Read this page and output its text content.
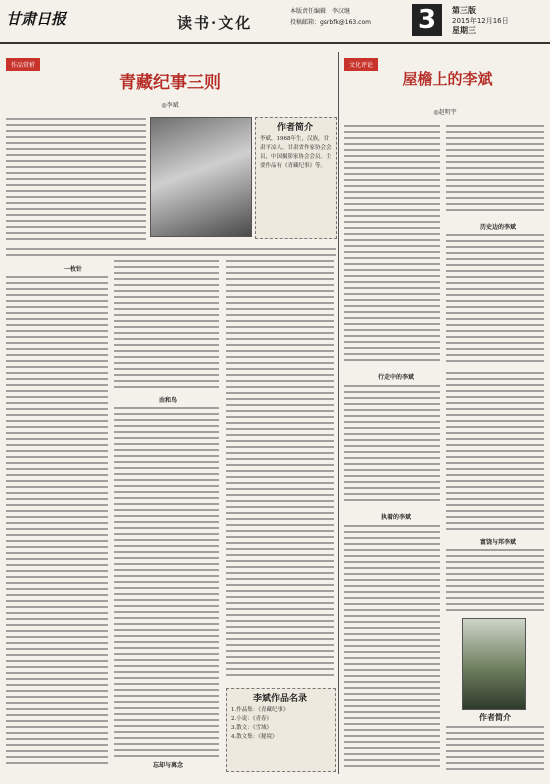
甘肃日报	读书·文化
本版责任编辑　李汉继
投稿邮箱：gsrbfk@163.com 3	第三版
2015年12月16日
星期三
作品赏析
青藏纪事三则
◎李斌
作者简介
李斌，1968年生，汉族，甘肃平凉人。甘肃省作家协会会员，中国摄影家协会会员。主要作品有《青藏纪事》等。
一枚针
由和鸟
忘却与离念
李斌作品名录
1.作品集：《青藏纪事》
2.小说：《青春》
3.散文：《雪域》
4.散文集：《秘境》
文化评论
屋檐上的李斌
◎赵明宇
历史边的李斌
行走中的李斌
执着的李斌
富饶与邦李斌
作者简介
